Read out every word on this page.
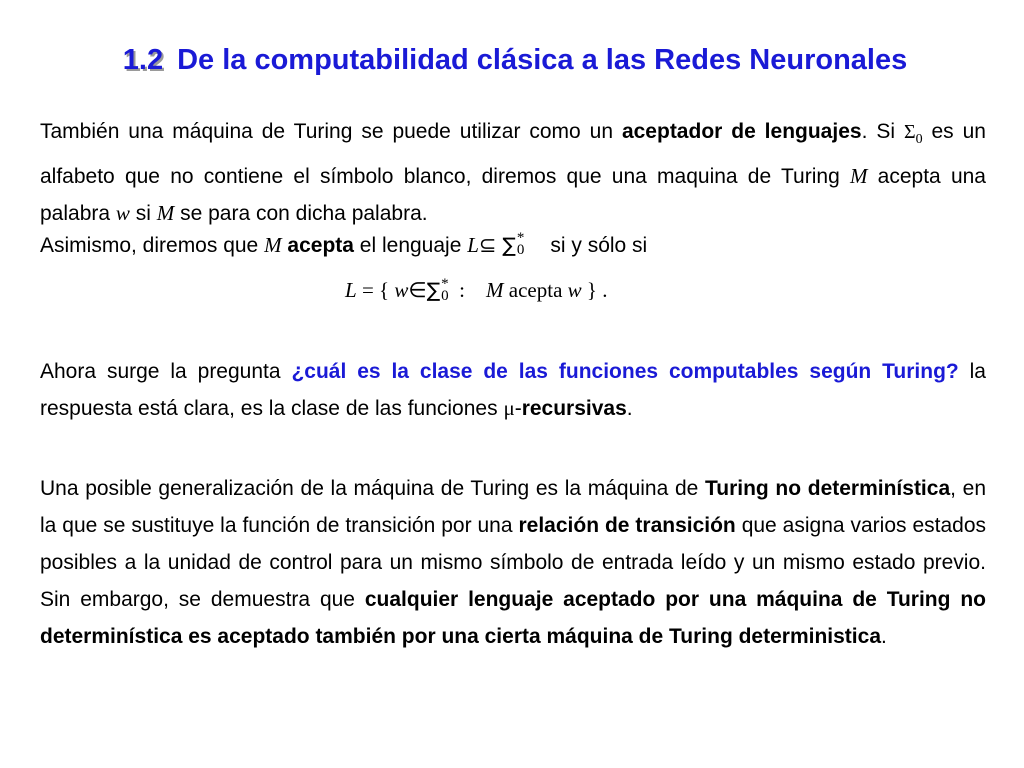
1.2 De la computabilidad clásica a las Redes Neuronales
También una máquina de Turing se puede utilizar como un aceptador de lenguajes. Si $\Sigma_0$ es un alfabeto que no contiene el símbolo blanco, diremos que una maquina de Turing M acepta una palabra w si M se para con dicha palabra.
Asimismo, diremos que M acepta el lenguaje L⊆ ∑ *
0 si y sólo si
L = { w∈∑ *
0 :    M acepta w } .
Ahora surge la pregunta ¿cuál es la clase de las funciones computables según Turing? la respuesta está clara, es la clase de las funciones μ-recursivas.
Una posible generalización de la máquina de Turing es la máquina de Turing no determinística, en la que se sustituye la función de transición por una relación de transición que asigna varios estados posibles a la unidad de control para un mismo símbolo de entrada leído y un mismo estado previo. Sin embargo, se demuestra que cualquier lenguaje aceptado por una máquina de Turing no determinística es aceptado también por una cierta máquina de Turing deterministica.
